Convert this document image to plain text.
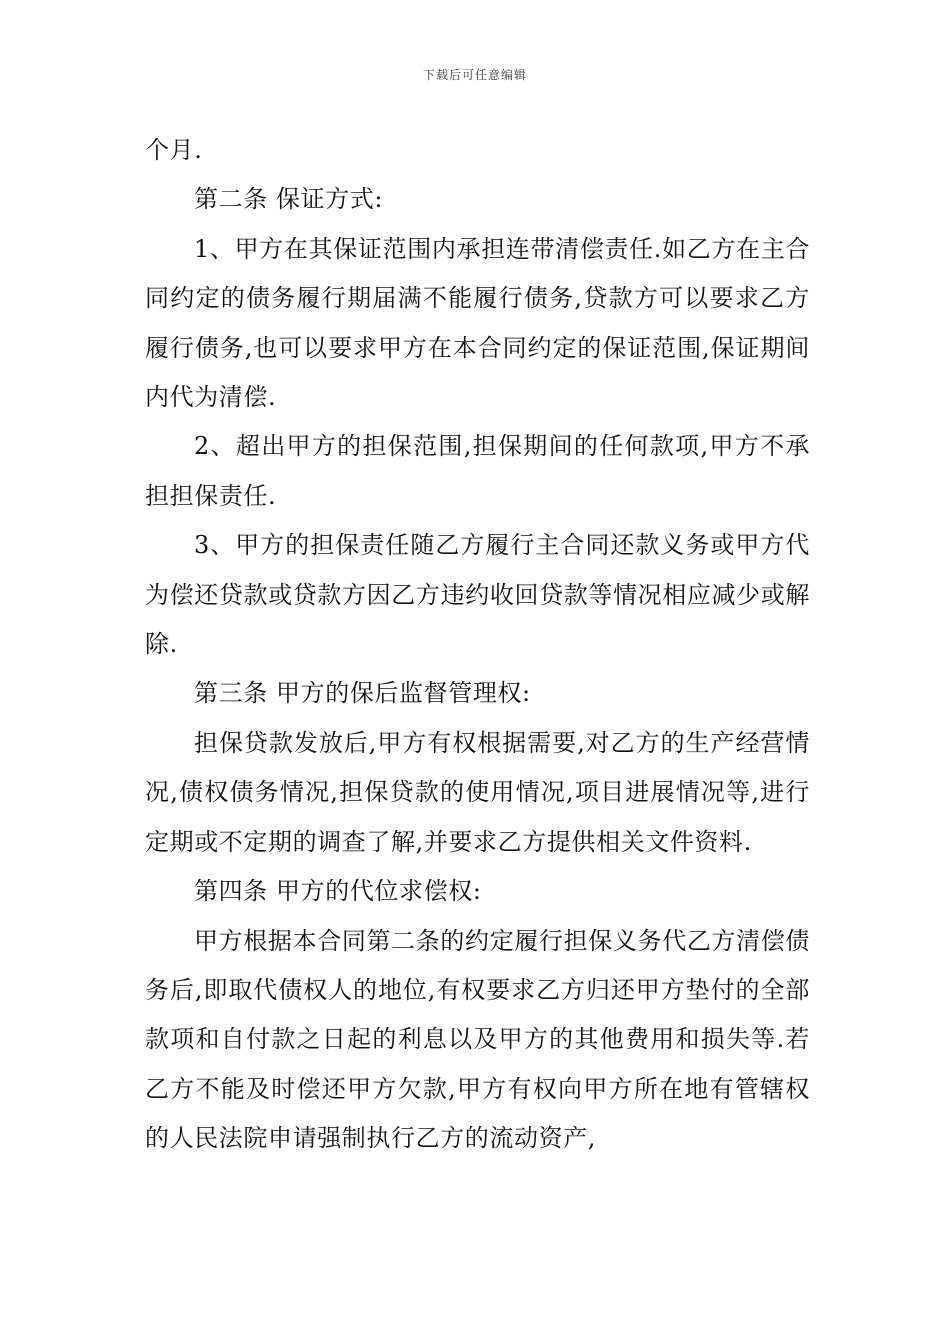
下载后可任意编辑

个月.

第二条 保证方式:

1、甲方在其保证范围内承担连带清偿责任.如乙方在主合同约定的债务履行期届满不能履行债务,贷款方可以要求乙方履行债务,也可以要求甲方在本合同约定的保证范围,保证期间内代为清偿.

2、超出甲方的担保范围,担保期间的任何款项,甲方不承担担保责任.

3、甲方的担保责任随乙方履行主合同还款义务或甲方代为偿还贷款或贷款方因乙方违约收回贷款等情况相应减少或解除.

第三条 甲方的保后监督管理权:

担保贷款发放后,甲方有权根据需要,对乙方的生产经营情况,债权债务情况,担保贷款的使用情况,项目进展情况等,进行定期或不定期的调查了解,并要求乙方提供相关文件资料.

第四条 甲方的代位求偿权:

甲方根据本合同第二条的约定履行担保义务代乙方清偿债务后,即取代债权人的地位,有权要求乙方归还甲方垫付的全部款项和自付款之日起的利息以及甲方的其他费用和损失等.若乙方不能及时偿还甲方欠款,甲方有权向甲方所在地有管辖权的人民法院申请强制执行乙方的流动资产,
